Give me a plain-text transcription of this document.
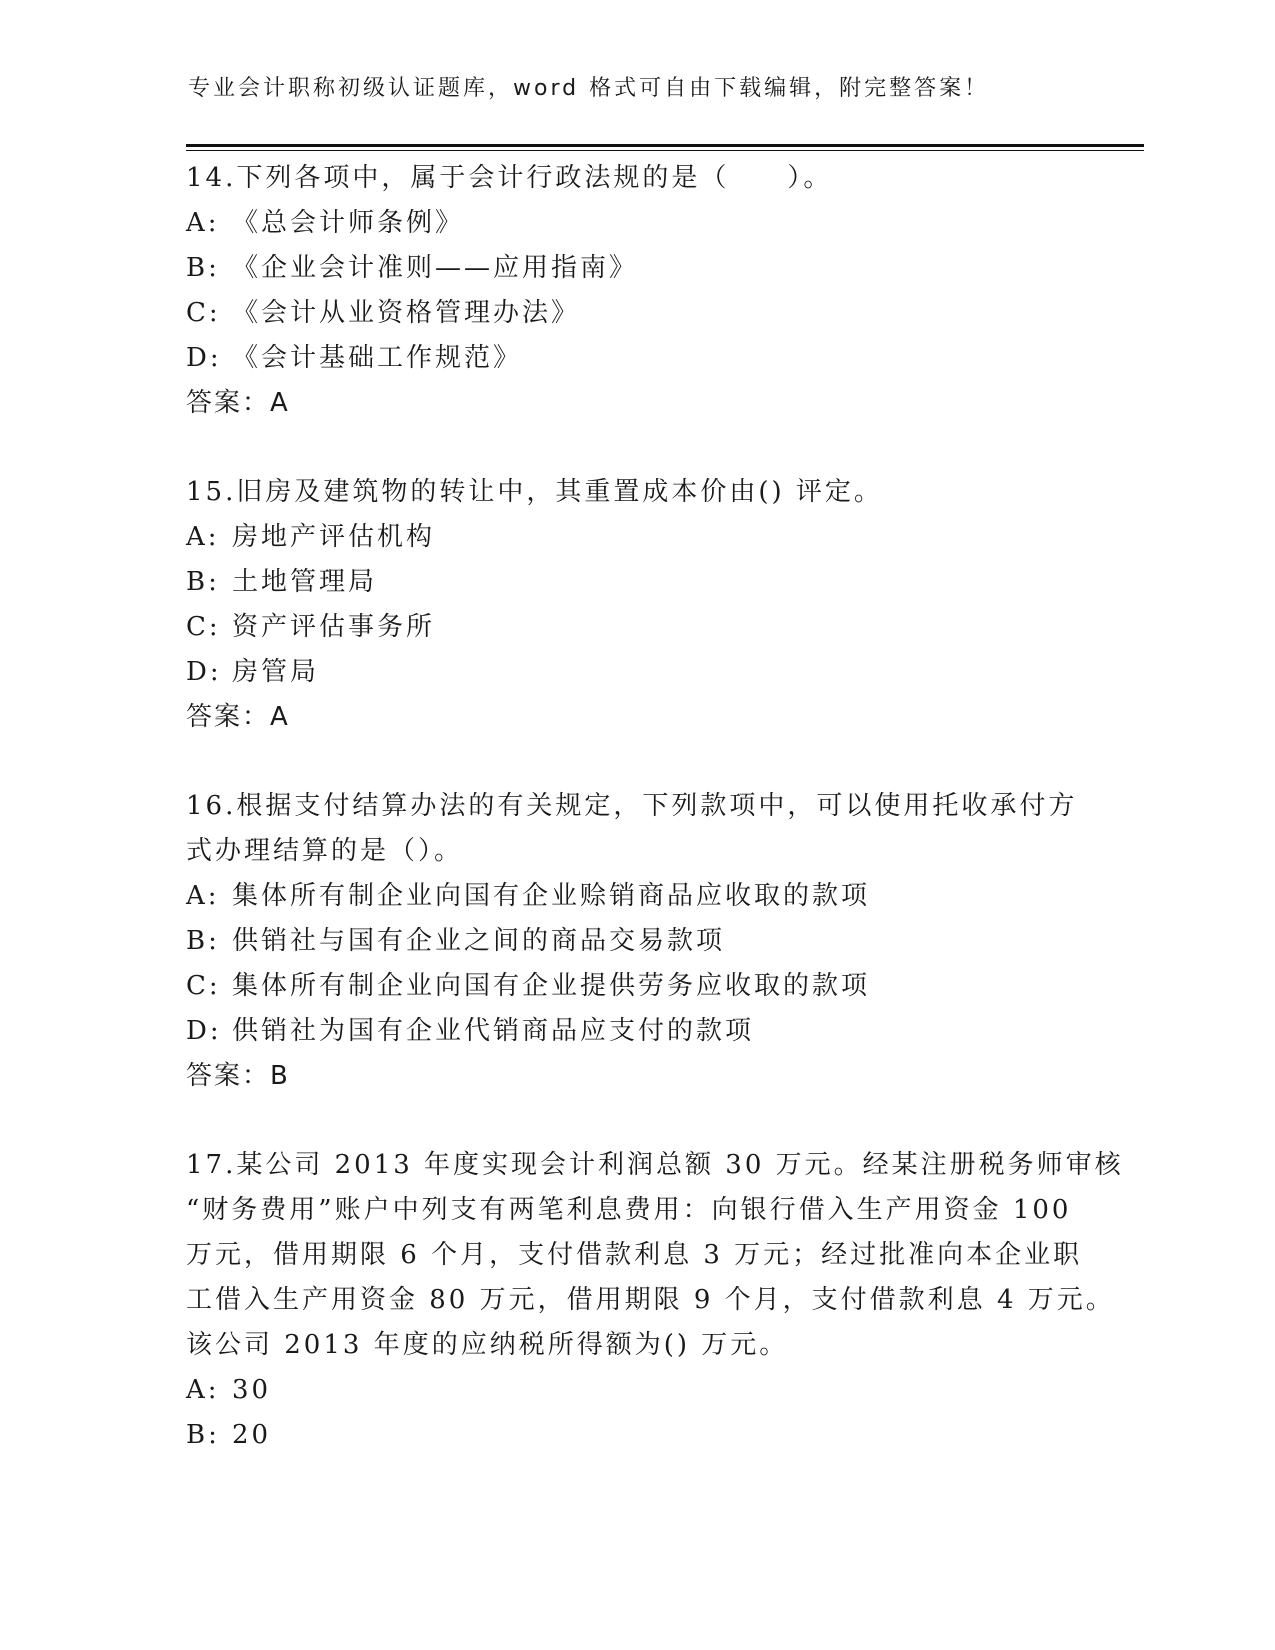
专业会计职称初级认证题库，word 格式可自由下载编辑，附完整答案！
14.下列各项中，属于会计行政法规的是（　　）。
A: 《总会计师条例》
B: 《企业会计准则——应用指南》
C: 《会计从业资格管理办法》
D: 《会计基础工作规范》
答案：A
15.旧房及建筑物的转让中，其重置成本价由() 评定。
A: 房地产评估机构
B: 土地管理局
C: 资产评估事务所
D: 房管局
答案：A
16.根据支付结算办法的有关规定，下列款项中，可以使用托收承付方
式办理结算的是（）。
A: 集体所有制企业向国有企业赊销商品应收取的款项
B: 供销社与国有企业之间的商品交易款项
C: 集体所有制企业向国有企业提供劳务应收取的款项
D: 供销社为国有企业代销商品应支付的款项
答案：B
17.某公司 2013 年度实现会计利润总额 30 万元。经某注册税务师审核
“财务费用”账户中列支有两笔利息费用：向银行借入生产用资金 100
万元，借用期限 6 个月，支付借款利息 3 万元；经过批准向本企业职
工借入生产用资金 80 万元，借用期限 9 个月，支付借款利息 4 万元。
该公司 2013 年度的应纳税所得额为() 万元。
A: 30
B: 20
